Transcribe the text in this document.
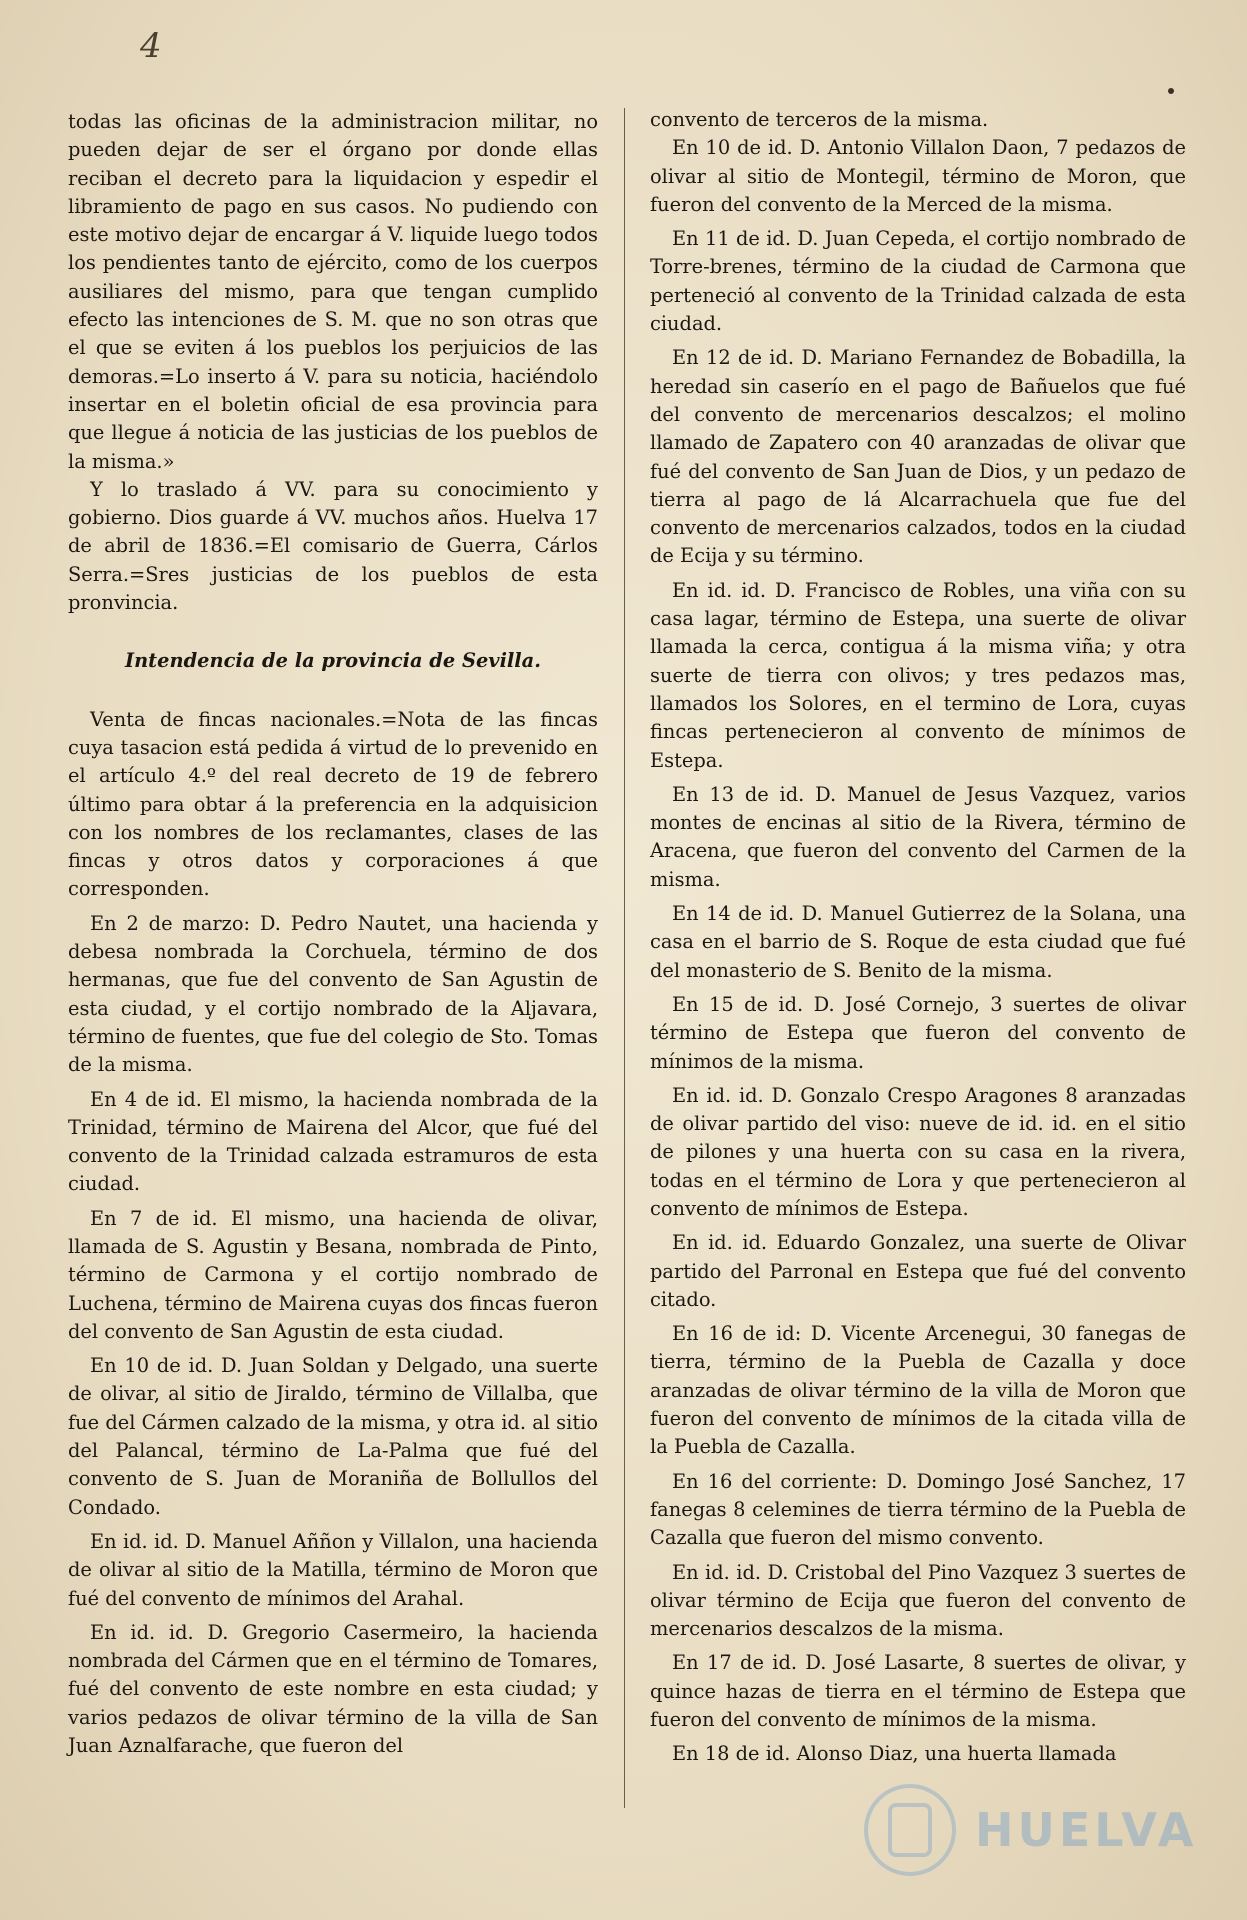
4

todas las oficinas de la administracion militar, no pueden dejar de ser el órgano por donde ellas reciban el decreto para la liquidacion y espedir el libramiento de pago en sus casos. No pudiendo con este motivo dejar de encargar á V. liquide luego todos los pendientes tanto de ejército, como de los cuerpos ausiliares del mismo, para que tengan cumplido efecto las intenciones de S. M. que no son otras que el que se eviten á los pueblos los perjuicios de las demoras.=Lo inserto á V. para su noticia, haciéndolo insertar en el boletin oficial de esa provincia para que llegue á noticia de las justicias de los pueblos de la misma.»

Y lo traslado á VV. para su conocimiento y gobierno. Dios guarde á VV. muchos años. Huelva 17 de abril de 1836.=El comisario de Guerra, Cárlos Serra.=Sres justicias de los pueblos de esta pronvincia.

Intendencia de la provincia de Sevilla.

Venta de fincas nacionales.=Nota de las fincas cuya tasacion está pedida á virtud de lo prevenido en el artículo 4.º del real decreto de 19 de febrero último para obtar á la preferencia en la adquisicion con los nombres de los reclamantes, clases de las fincas y otros datos y corporaciones á que corresponden.

En 2 de marzo: D. Pedro Nautet, una hacienda y debesa nombrada la Corchuela, término de dos hermanas, que fue del convento de San Agustin de esta ciudad, y el cortijo nombrado de la Aljavara, término de fuentes, que fue del colegio de Sto. Tomas de la misma.

En 4 de id. El mismo, la hacienda nombrada de la Trinidad, término de Mairena del Alcor, que fué del convento de la Trinidad calzada estramuros de esta ciudad.

En 7 de id. El mismo, una hacienda de olivar, llamada de S. Agustin y Besana, nombrada de Pinto, término de Carmona y el cortijo nombrado de Luchena, término de Mairena cuyas dos fincas fueron del convento de San Agustin de esta ciudad.

En 10 de id. D. Juan Soldan y Delgado, una suerte de olivar, al sitio de Jiraldo, término de Villalba, que fue del Cármen calzado de la misma, y otra id. al sitio del Palancal, término de La-Palma que fué del convento de S. Juan de Moraniña de Bollullos del Condado.

En id. id. D. Manuel Aññon y Villalon, una hacienda de olivar al sitio de la Matilla, término de Moron que fué del convento de mínimos del Arahal.

En id. id. D. Gregorio Casermeiro, la hacienda nombrada del Cármen que en el término de Tomares, fué del convento de este nombre en esta ciudad; y varios pedazos de olivar término de la villa de San Juan Aznalfarache, que fueron del

convento de terceros de la misma.

En 10 de id. D. Antonio Villalon Daon, 7 pedazos de olivar al sitio de Montegil, término de Moron, que fueron del convento de la Merced de la misma.

En 11 de id. D. Juan Cepeda, el cortijo nombrado de Torre-brenes, término de la ciudad de Carmona que perteneció al convento de la Trinidad calzada de esta ciudad.

En 12 de id. D. Mariano Fernandez de Bobadilla, la heredad sin caserío en el pago de Bañuelos que fué del convento de mercenarios descalzos; el molino llamado de Zapatero con 40 aranzadas de olivar que fué del convento de San Juan de Dios, y un pedazo de tierra al pago de lá Alcarrachuela que fue del convento de mercenarios calzados, todos en la ciudad de Ecija y su término.

En id. id. D. Francisco de Robles, una viña con su casa lagar, término de Estepa, una suerte de olivar llamada la cerca, contigua á la misma viña; y otra suerte de tierra con olivos; y tres pedazos mas, llamados los Solores, en el termino de Lora, cuyas fincas pertenecieron al convento de mínimos de Estepa.

En 13 de id. D. Manuel de Jesus Vazquez, varios montes de encinas al sitio de la Rivera, término de Aracena, que fueron del convento del Carmen de la misma.

En 14 de id. D. Manuel Gutierrez de la Solana, una casa en el barrio de S. Roque de esta ciudad que fué del monasterio de S. Benito de la misma.

En 15 de id. D. José Cornejo, 3 suertes de olivar término de Estepa que fueron del convento de mínimos de la misma.

En id. id. D. Gonzalo Crespo Aragones 8 aranzadas de olivar partido del viso: nueve de id. id. en el sitio de pilones y una huerta con su casa en la rivera, todas en el término de Lora y que pertenecieron al convento de mínimos de Estepa.

En id. id. Eduardo Gonzalez, una suerte de Olivar partido del Parronal en Estepa que fué del convento citado.

En 16 de id: D. Vicente Arcenegui, 30 fanegas de tierra, término de la Puebla de Cazalla y doce aranzadas de olivar término de la villa de Moron que fueron del convento de mínimos de la citada villa de la Puebla de Cazalla.

En 16 del corriente: D. Domingo José Sanchez, 17 fanegas 8 celemines de tierra término de la Puebla de Cazalla que fueron del mismo convento.

En id. id. D. Cristobal del Pino Vazquez 3 suertes de olivar término de Ecija que fueron del convento de mercenarios descalzos de la misma.

En 17 de id. D. José Lasarte, 8 suertes de olivar, y quince hazas de tierra en el término de Estepa que fueron del convento de mínimos de la misma.

En 18 de id. Alonso Diaz, una huerta llamada

HUELVA
